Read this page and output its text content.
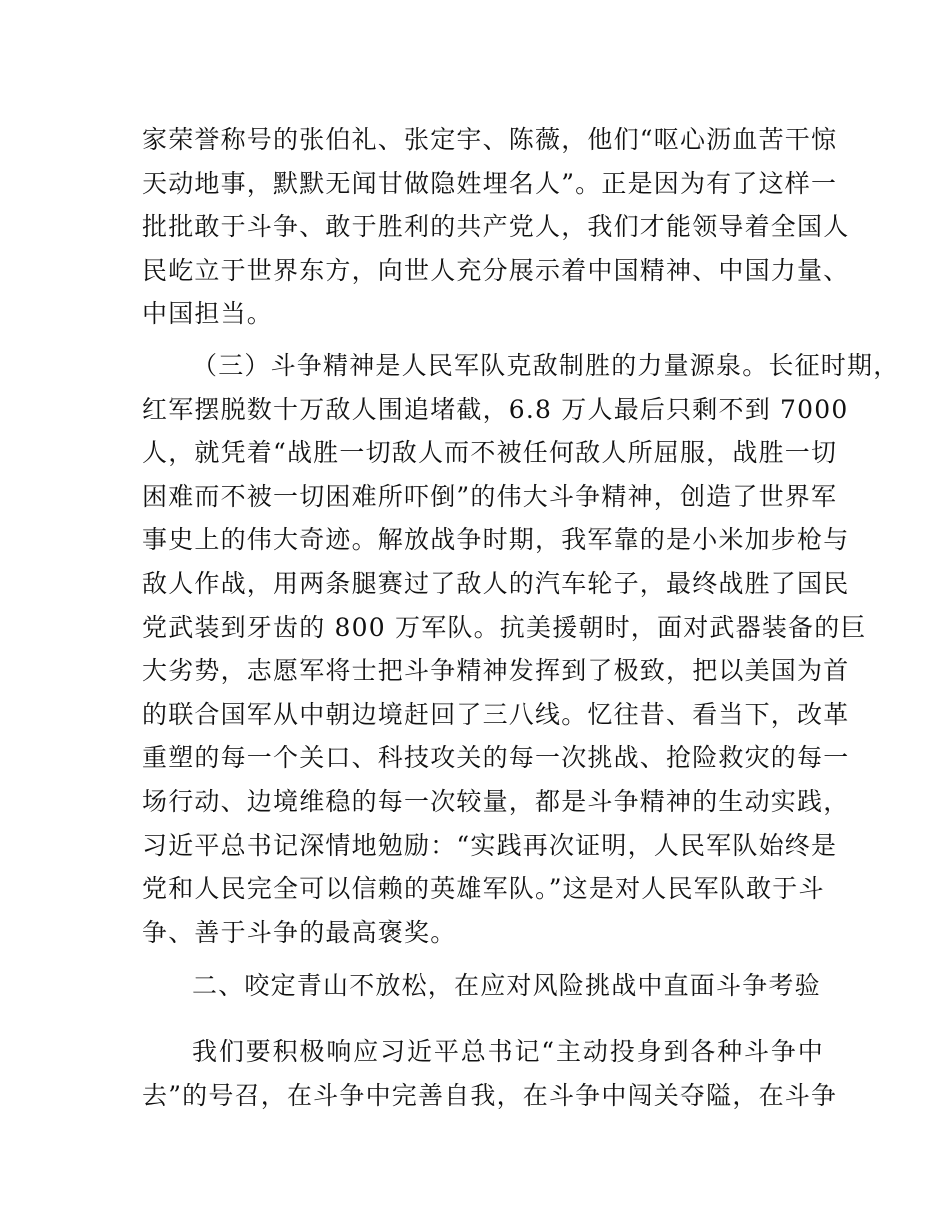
家荣誉称号的张伯礼、张定宇、陈薇，他们“呕心沥血苦干惊
天动地事，默默无闻甘做隐姓埋名人”。正是因为有了这样一
批批敢于斗争、敢于胜利的共产党人，我们才能领导着全国人
民屹立于世界东方，向世人充分展示着中国精神、中国力量、
中国担当。
（三）斗争精神是人民军队克敌制胜的力量源泉。长征时期，
红军摆脱数十万敌人围追堵截，6.8 万人最后只剩不到 7000
人，就凭着“战胜一切敌人而不被任何敌人所屈服，战胜一切
困难而不被一切困难所吓倒”的伟大斗争精神，创造了世界军
事史上的伟大奇迹。解放战争时期，我军靠的是小米加步枪与
敌人作战，用两条腿赛过了敌人的汽车轮子，最终战胜了国民
党武装到牙齿的 800 万军队。抗美援朝时，面对武器装备的巨
大劣势，志愿军将士把斗争精神发挥到了极致，把以美国为首
的联合国军从中朝边境赶回了三八线。忆往昔、看当下，改革
重塑的每一个关口、科技攻关的每一次挑战、抢险救灾的每一
场行动、边境维稳的每一次较量，都是斗争精神的生动实践，
习近平总书记深情地勉励：“实践再次证明，人民军队始终是
党和人民完全可以信赖的英雄军队。”这是对人民军队敢于斗
争、善于斗争的最高褒奖。
二、咬定青山不放松，在应对风险挑战中直面斗争考验
我们要积极响应习近平总书记“主动投身到各种斗争中
去”的号召，在斗争中完善自我，在斗争中闯关夺隘，在斗争
